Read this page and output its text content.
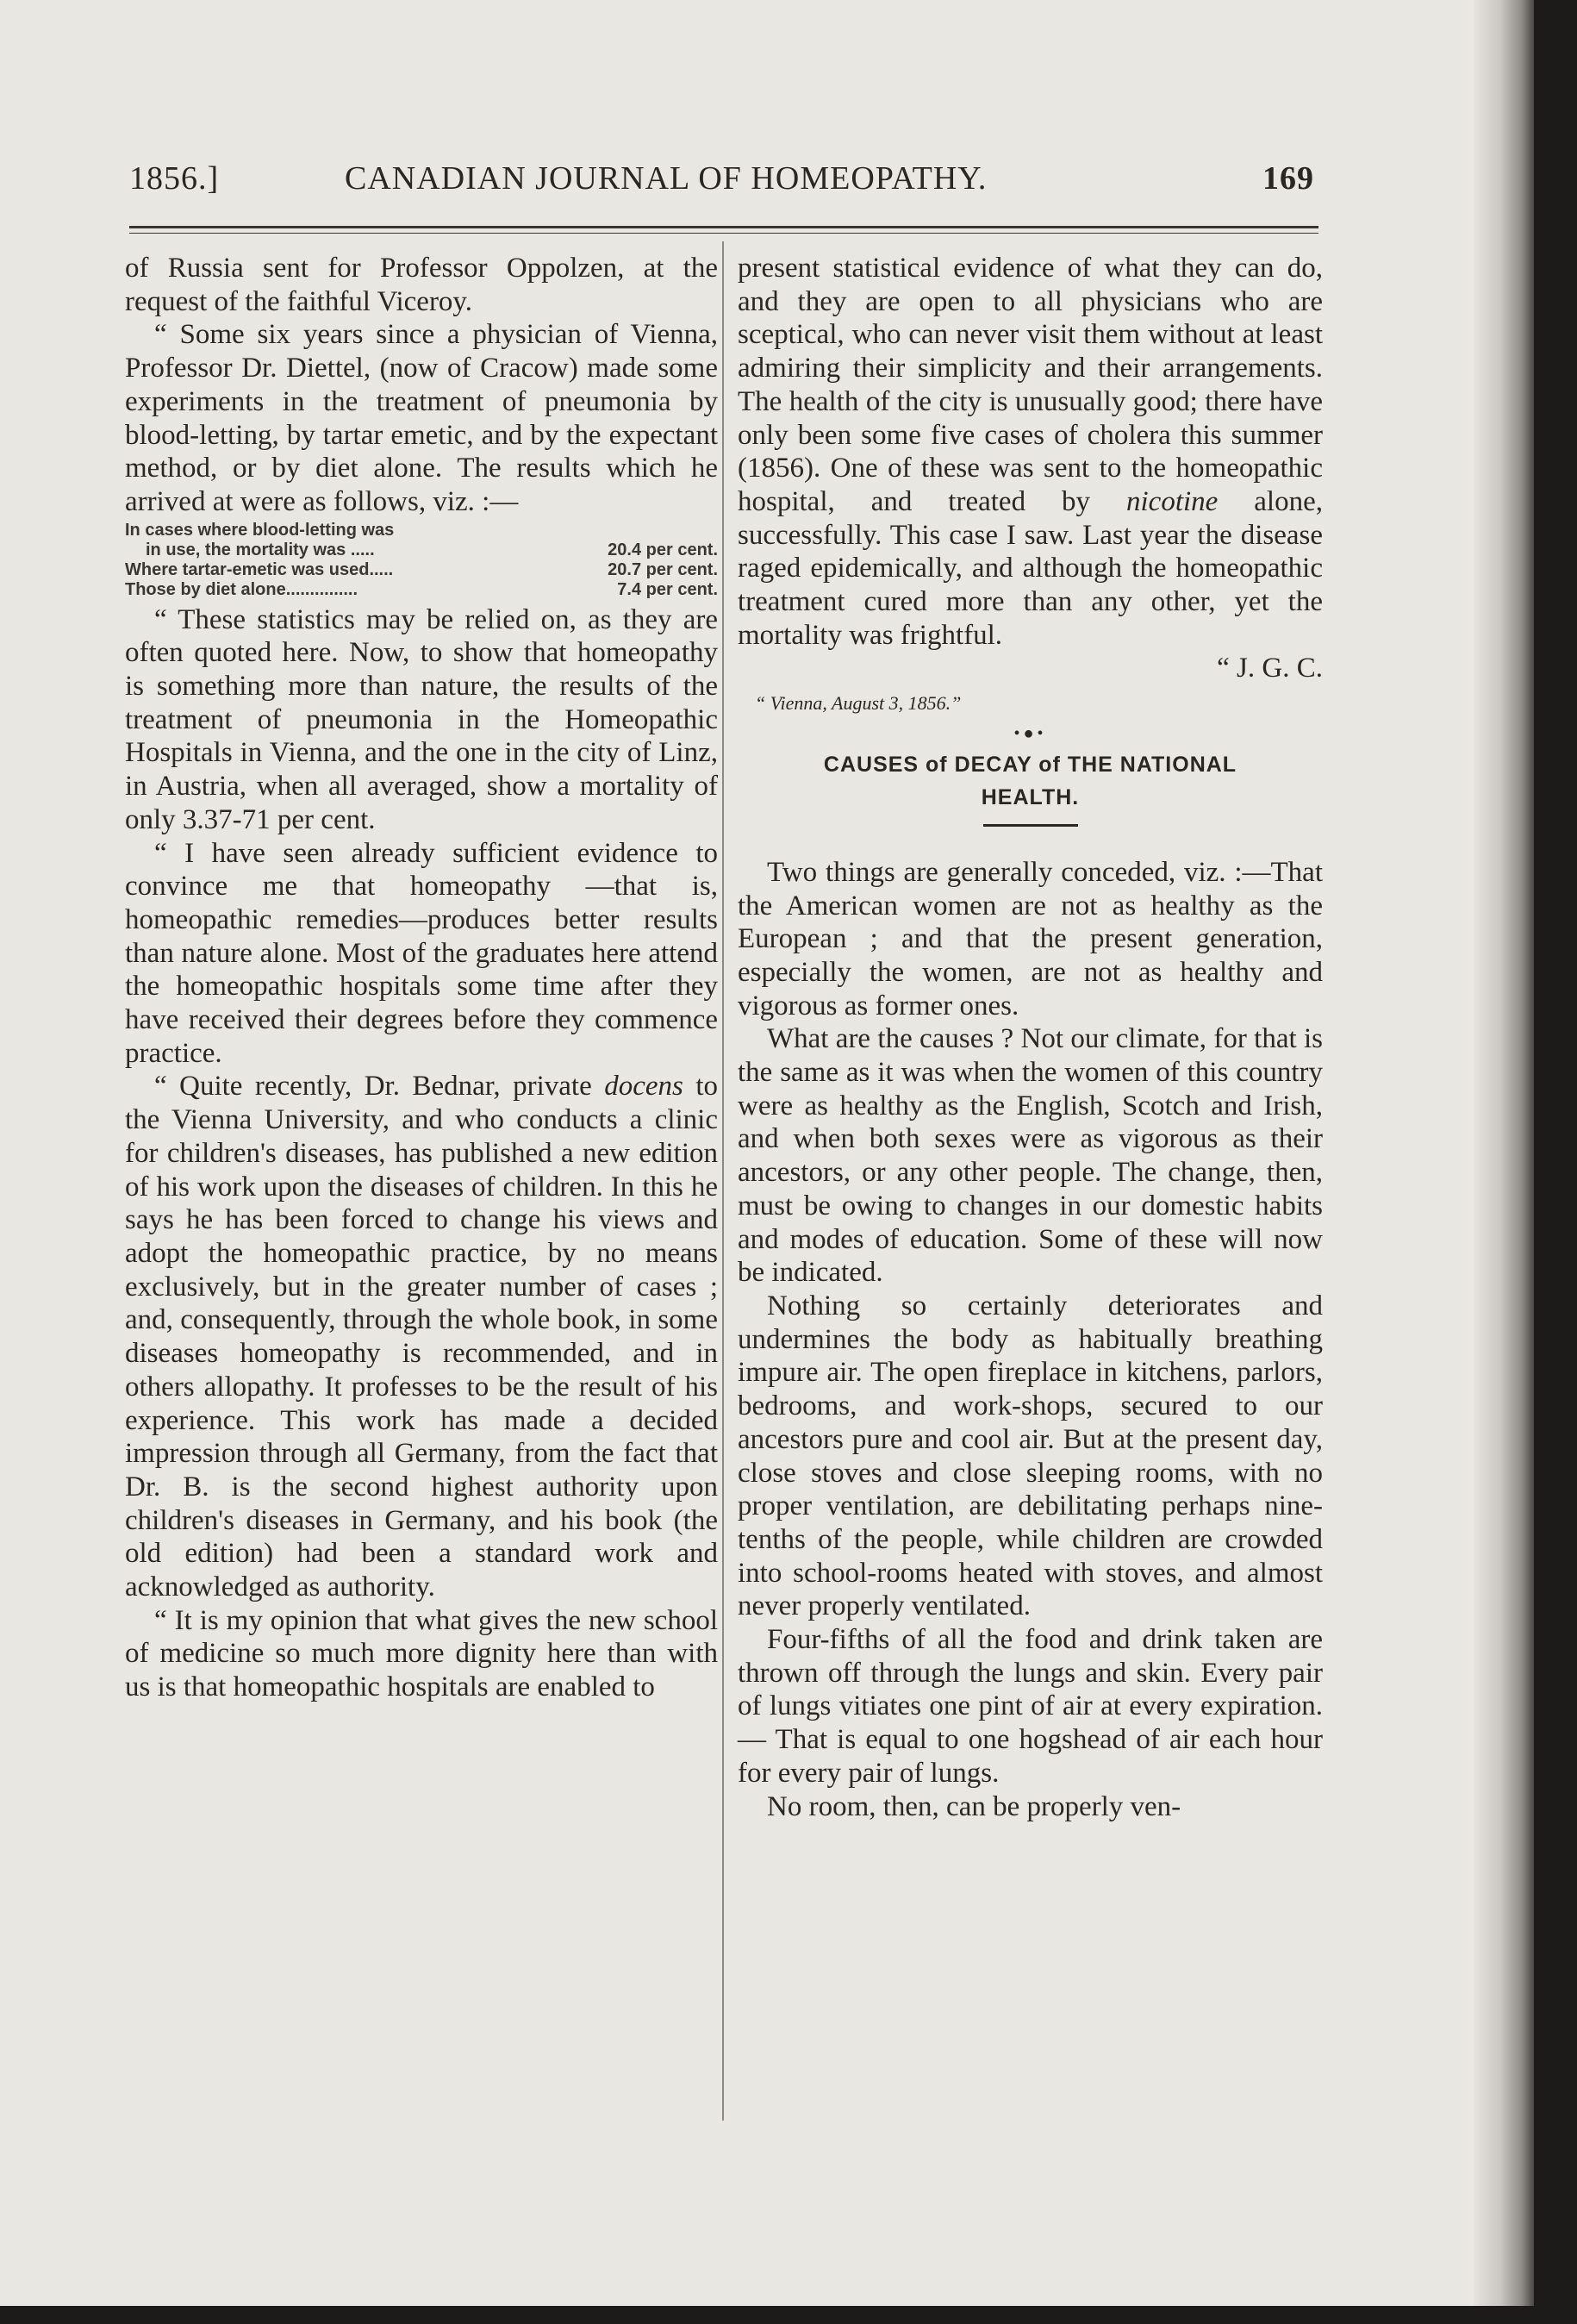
1856.]	CANADIAN JOURNAL OF HOMEOPATHY.	169

of Russia sent for Professor Oppolzen, at the request of the faithful Viceroy.

“ Some six years since a physician of Vienna, Professor Dr. Diettel, (now of Cracow) made some experiments in the treatment of pneumonia by blood-letting, by tartar emetic, and by the expectant method, or by diet alone. The results which he arrived at were as follows, viz. :—

In cases where blood-letting was
in use, the mortality was .....	20.4 per cent.
Where tartar-emetic was used.....	20.7 per cent.
Those by diet alone...............	7.4 per cent.

“ These statistics may be relied on, as they are often quoted here. Now, to show that homeopathy is something more than nature, the results of the treatment of pneumonia in the Homeopathic Hospitals in Vienna, and the one in the city of Linz, in Austria, when all averaged, show a mortality of only 3.37-71 per cent.

“ I have seen already sufficient evidence to convince me that homeopathy —that is, homeopathic remedies—produces better results than nature alone. Most of the graduates here attend the homeopathic hospitals some time after they have received their degrees before they commence practice.

“ Quite recently, Dr. Bednar, private docens to the Vienna University, and who conducts a clinic for children's diseases, has published a new edition of his work upon the diseases of children. In this he says he has been forced to change his views and adopt the homeopathic practice, by no means exclusively, but in the greater number of cases ; and, consequently, through the whole book, in some diseases homeopathy is recommended, and in others allopathy. It professes to be the result of his experience. This work has made a decided impression through all Germany, from the fact that Dr. B. is the second highest authority upon children's diseases in Germany, and his book (the old edition) had been a standard work and acknowledged as authority.

“ It is my opinion that what gives the new school of medicine so much more dignity here than with us is that homeopathic hospitals are enabled to

present statistical evidence of what they can do, and they are open to all physicians who are sceptical, who can never visit them without at least admiring their simplicity and their arrangements. The health of the city is unusually good; there have only been some five cases of cholera this summer (1856). One of these was sent to the homeopathic hospital, and treated by nicotine alone, successfully. This case I saw. Last year the disease raged epidemically, and although the homeopathic treatment cured more than any other, yet the mortality was frightful.

“ J. G. C.
“ Vienna, August 3, 1856.”
•●•
CAUSES of DECAY of THE NATIONAL
HEALTH.

Two things are generally conceded, viz. :—That the American women are not as healthy as the European ; and that the present generation, especially the women, are not as healthy and vigorous as former ones.

What are the causes ? Not our climate, for that is the same as it was when the women of this country were as healthy as the English, Scotch and Irish, and when both sexes were as vigorous as their ancestors, or any other people. The change, then, must be owing to changes in our domestic habits and modes of education. Some of these will now be indicated.

Nothing so certainly deteriorates and undermines the body as habitually breathing impure air. The open fireplace in kitchens, parlors, bedrooms, and work-shops, secured to our ancestors pure and cool air. But at the present day, close stoves and close sleeping rooms, with no proper ventilation, are debilitating perhaps nine-tenths of the people, while children are crowded into school-rooms heated with stoves, and almost never properly ventilated.

Four-fifths of all the food and drink taken are thrown off through the lungs and skin. Every pair of lungs vitiates one pint of air at every expiration.— That is equal to one hogshead of air each hour for every pair of lungs.

No room, then, can be properly ven-
